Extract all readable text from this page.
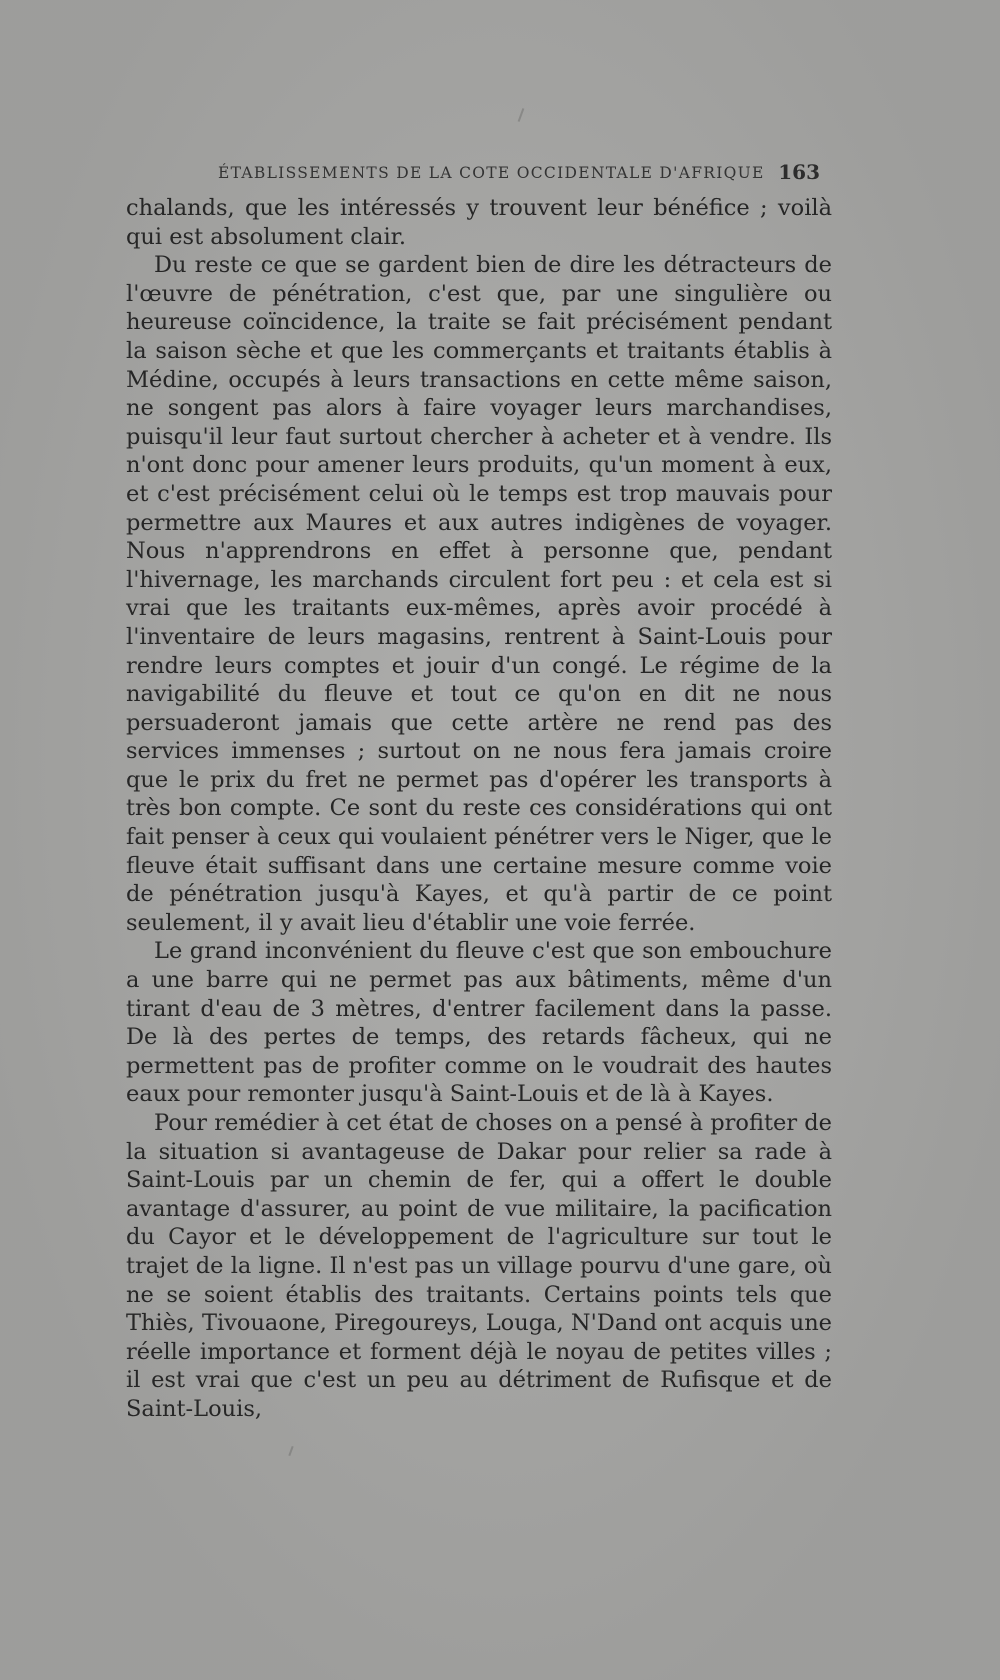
ÉTABLISSEMENTS DE LA COTE OCCIDENTALE D'AFRIQUE 163

chalands, que les intéressés y trouvent leur bénéfice ; voilà qui est absolument clair.

Du reste ce que se gardent bien de dire les détracteurs de l'œuvre de pénétration, c'est que, par une singulière ou heureuse coïncidence, la traite se fait précisément pendant la saison sèche et que les commerçants et traitants établis à Médine, occupés à leurs transactions en cette même saison, ne songent pas alors à faire voyager leurs marchandises, puisqu'il leur faut surtout chercher à acheter et à vendre. Ils n'ont donc pour amener leurs produits, qu'un moment à eux, et c'est précisément celui où le temps est trop mauvais pour permettre aux Maures et aux autres indigènes de voyager. Nous n'apprendrons en effet à personne que, pendant l'hivernage, les marchands circulent fort peu : et cela est si vrai que les traitants eux-mêmes, après avoir procédé à l'inventaire de leurs magasins, rentrent à Saint-Louis pour rendre leurs comptes et jouir d'un congé. Le régime de la navigabilité du fleuve et tout ce qu'on en dit ne nous persuaderont jamais que cette artère ne rend pas des services immenses ; surtout on ne nous fera jamais croire que le prix du fret ne permet pas d'opérer les transports à très bon compte. Ce sont du reste ces considérations qui ont fait penser à ceux qui voulaient pénétrer vers le Niger, que le fleuve était suffisant dans une certaine mesure comme voie de pénétration jusqu'à Kayes, et qu'à partir de ce point seulement, il y avait lieu d'établir une voie ferrée.

Le grand inconvénient du fleuve c'est que son embouchure a une barre qui ne permet pas aux bâtiments, même d'un tirant d'eau de 3 mètres, d'entrer facilement dans la passe. De là des pertes de temps, des retards fâcheux, qui ne permettent pas de profiter comme on le voudrait des hautes eaux pour remonter jusqu'à Saint-Louis et de là à Kayes.

Pour remédier à cet état de choses on a pensé à profiter de la situation si avantageuse de Dakar pour relier sa rade à Saint-Louis par un chemin de fer, qui a offert le double avantage d'assurer, au point de vue militaire, la pacification du Cayor et le développement de l'agriculture sur tout le trajet de la ligne. Il n'est pas un village pourvu d'une gare, où ne se soient établis des traitants. Certains points tels que Thiès, Tivouaone, Piregoureys, Louga, N'Dand ont acquis une réelle importance et forment déjà le noyau de petites villes ; il est vrai que c'est un peu au détriment de Rufisque et de Saint-Louis,
